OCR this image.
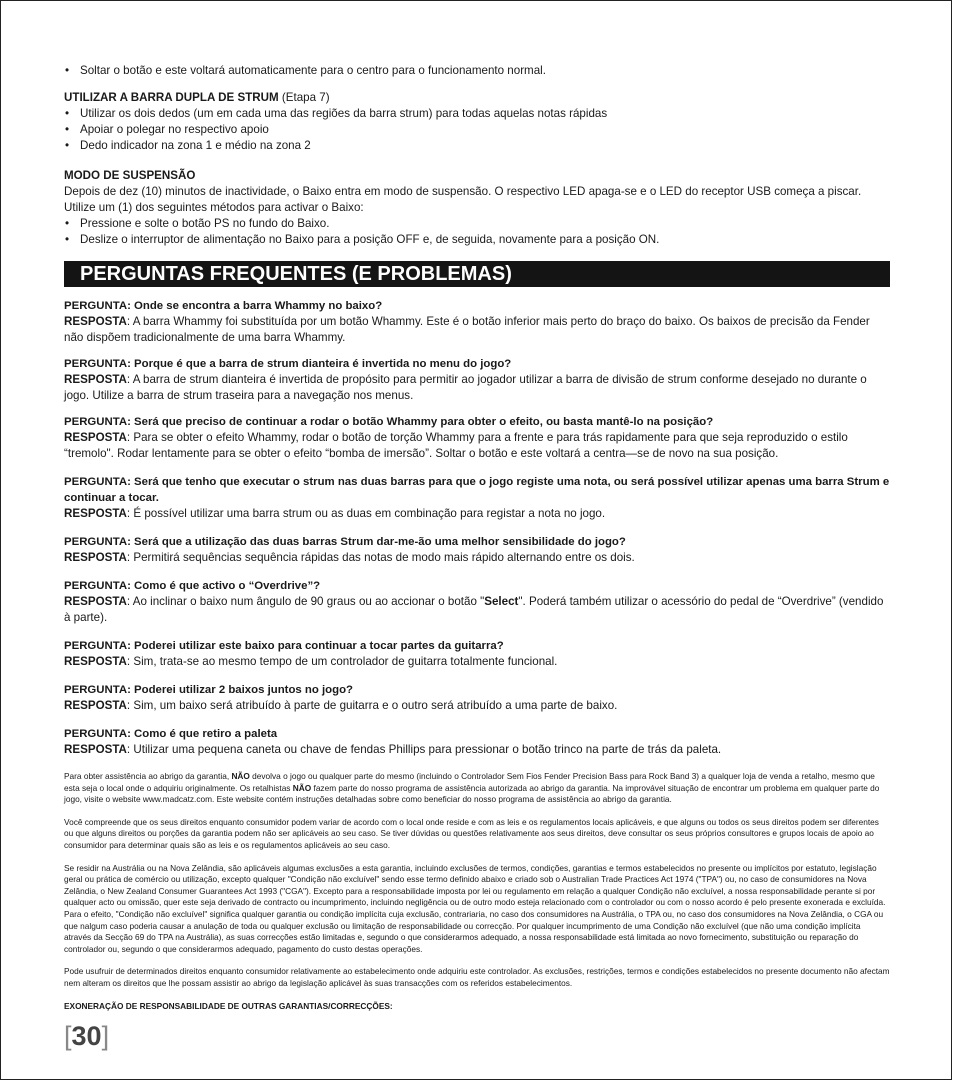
• Soltar o botão e este voltará automaticamente para o centro para o funcionamento normal.
UTILIZAR A BARRA DUPLA DE STRUM (Etapa 7)
• Utilizar os dois dedos (um em cada uma das regiões da barra strum) para todas aquelas notas rápidas
• Apoiar o polegar no respectivo apoio
• Dedo indicador na zona 1 e médio na zona 2
MODO DE SUSPENSÃO
Depois de dez (10) minutos de inactividade, o Baixo entra em modo de suspensão. O respectivo LED apaga-se e o LED do receptor USB começa a piscar. Utilize um (1) dos seguintes métodos para activar o Baixo:
• Pressione e solte o botão PS no fundo do Baixo.
• Deslize o interruptor de alimentação no Baixo para a posição OFF e, de seguida, novamente para a posição ON.
PERGUNTAS FREQUENTES (E PROBLEMAS)
PERGUNTA: Onde se encontra a barra Whammy no baixo?
RESPOSTA: A barra Whammy foi substituída por um botão Whammy. Este é o botão inferior mais perto do braço do baixo. Os baixos de precisão da Fender não dispõem tradicionalmente de uma barra Whammy.
PERGUNTA: Porque é que a barra de strum dianteira é invertida no menu do jogo?
RESPOSTA: A barra de strum dianteira é invertida de propósito para permitir ao jogador utilizar a barra de divisão de strum conforme desejado no durante o jogo. Utilize a barra de strum traseira para a navegação nos menus.
PERGUNTA: Será que preciso de continuar a rodar o botão Whammy para obter o efeito, ou basta mantê-lo na posição?
RESPOSTA: Para se obter o efeito Whammy, rodar o botão de torção Whammy para a frente e para trás rapidamente para que seja reproduzido o estilo “tremolo". Rodar lentamente para se obter o efeito “bomba de imersão”. Soltar o botão e este voltará a centra—se de novo na sua posição.
PERGUNTA: Será que tenho que executar o strum nas duas barras para que o jogo registe uma nota, ou será possível utilizar apenas uma barra Strum e continuar a tocar.
RESPOSTA: É possível utilizar uma barra strum ou as duas em combinação para registar a nota no jogo.
PERGUNTA: Será que a utilização das duas barras Strum dar-me-ão uma melhor sensibilidade do jogo?
RESPOSTA: Permitirá sequências sequência rápidas das notas de modo mais rápido alternando entre os dois.
PERGUNTA: Como é que activo o “Overdrive”?
RESPOSTA: Ao inclinar o baixo num ângulo de 90 graus ou ao accionar o botão "Select". Poderá também utilizar o acessório do pedal de “Overdrive” (vendido à parte).
PERGUNTA: Poderei utilizar este baixo para continuar a tocar partes da guitarra?
RESPOSTA: Sim, trata-se ao mesmo tempo de um controlador de guitarra totalmente funcional.
PERGUNTA: Poderei utilizar 2 baixos juntos no jogo?
RESPOSTA: Sim, um baixo será atribuído à parte de guitarra e o outro será atribuído a uma parte de baixo.
PERGUNTA: Como é que retiro a paleta
RESPOSTA: Utilizar uma pequena caneta ou chave de fendas Phillips para pressionar o botão trinco na parte de trás da paleta.
Para obter assistência ao abrigo da garantia, NÃO devolva o jogo ou qualquer parte do mesmo (incluindo o Controlador Sem Fios Fender Precision Bass para Rock Band 3) a qualquer loja de venda a retalho, mesmo que esta seja o local onde o adquiriu originalmente. Os retalhistas NÃO fazem parte do nosso programa de assistência autorizada ao abrigo da garantia. Na improvável situação de encontrar um problema em qualquer parte do jogo, visite o website www.madcatz.com. Este website contém instruções detalhadas sobre como beneficiar do nosso programa de assistência ao abrigo da garantia.
Você compreende que os seus direitos enquanto consumidor podem variar de acordo com o local onde reside e com as leis e os regulamentos locais aplicáveis, e que alguns ou todos os seus direitos podem ser diferentes ou que alguns direitos ou porções da garantia podem não ser aplicáveis ao seu caso. Se tiver dúvidas ou questões relativamente aos seus direitos, deve consultar os seus próprios consultores e grupos locais de apoio ao consumidor para determinar quais são as leis e os regulamentos aplicáveis ao seu caso.
Se residir na Austrália ou na Nova Zelândia, são aplicáveis algumas exclusões a esta garantia, incluindo exclusões de termos, condições, garantias e termos estabelecidos no presente ou implícitos por estatuto, legislação geral ou prática de comércio ou utilização, excepto qualquer "Condição não excluível" sendo esse termo definido abaixo e criado sob o Australian Trade Practices Act 1974 ("TPA") ou, no caso de consumidores na Nova Zelândia, o New Zealand Consumer Guarantees Act 1993 ("CGA"). Excepto para a responsabilidade imposta por lei ou regulamento em relação a qualquer Condição não excluível, a nossa responsabilidade perante si por qualquer acto ou omissão, quer este seja derivado de contracto ou incumprimento, incluindo negligência ou de outro modo esteja relacionado com o controlador ou com o nosso acordo é pelo presente exonerada e excluída. Para o efeito, "Condição não excluível" significa qualquer garantia ou condição implícita cuja exclusão, contrariaria, no caso dos consumidores na Austrália, o TPA ou, no caso dos consumidores na Nova Zelândia, o CGA ou que nalgum caso poderia causar a anulação de toda ou qualquer exclusão ou limitação de responsabilidade ou correcção. Por qualquer incumprimento de uma Condição não excluível (que não uma condição implícita através da Secção 69 do TPA na Austrália), as suas correcções estão limitadas e, segundo o que considerarmos adequado, a nossa responsabilidade está limitada ao novo fornecimento, substituição ou reparação do controlador ou, segundo o que considerarmos adequado, pagamento do custo destas operações.
Pode usufruir de determinados direitos enquanto consumidor relativamente ao estabelecimento onde adquiriu este controlador. As exclusões, restrições, termos e condições estabelecidos no presente documento não afectam nem alteram os direitos que lhe possam assistir ao abrigo da legislação aplicável às suas transacções com os referidos estabelecimentos.
EXONERAÇÃO DE RESPONSABILIDADE DE OUTRAS GARANTIAS/CORRECÇÕES:
[30]
